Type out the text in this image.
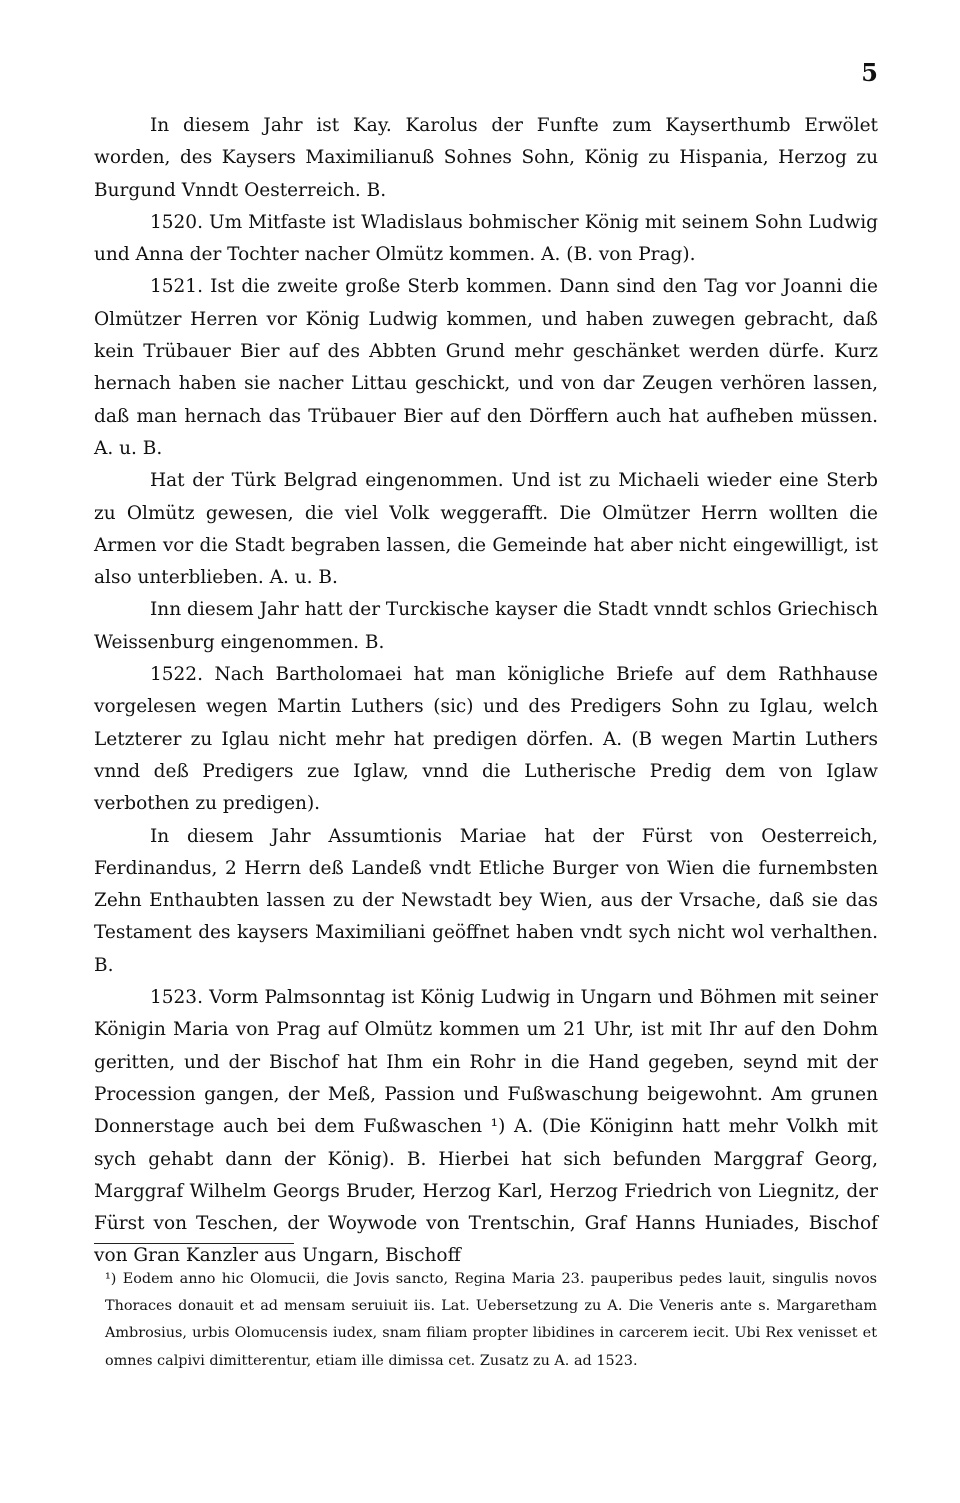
5

In diesem Jahr ist Kay. Karolus der Funfte zum Kayserthumb Erwölet worden, des Kaysers Maximilianuß Sohnes Sohn, König zu Hispania, Herzog zu Burgund Vnndt Oesterreich. B.

1520. Um Mitfaste ist Wladislaus bohmischer König mit seinem Sohn Ludwig und Anna der Tochter nacher Olmütz kommen. A. (B. von Prag).

1521. Ist die zweite große Sterb kommen. Dann sind den Tag vor Joanni die Olmützer Herren vor König Ludwig kommen, und haben zuwegen gebracht, daß kein Trübauer Bier auf des Abbten Grund mehr geschänket werden dürfe. Kurz hernach haben sie nacher Littau geschickt, und von dar Zeugen verhören lassen, daß man hernach das Trübauer Bier auf den Dörffern auch hat aufheben müssen. A. u. B.

Hat der Türk Belgrad eingenommen. Und ist zu Michaeli wieder eine Sterb zu Olmütz gewesen, die viel Volk weggerafft. Die Olmützer Herrn wollten die Armen vor die Stadt begraben lassen, die Gemeinde hat aber nicht eingewilligt, ist also unterblieben. A. u. B.

Inn diesem Jahr hatt der Turckische kayser die Stadt vnndt schlos Griechisch Weissenburg eingenommen. B.

1522. Nach Bartholomaei hat man königliche Briefe auf dem Rathhause vorgelesen wegen Martin Luthers (sic) und des Predigers Sohn zu Iglau, welch Letzterer zu Iglau nicht mehr hat predigen dörfen. A. (B wegen Martin Luthers vnnd deß Predigers zue Iglaw, vnnd die Lutherische Predig dem von Iglaw verbothen zu predigen).

In diesem Jahr Assumtionis Mariae hat der Fürst von Oesterreich, Ferdinandus, 2 Herrn deß Landeß vndt Etliche Burger von Wien die furnembsten Zehn Enthaubten lassen zu der Newstadt bey Wien, aus der Vrsache, daß sie das Testament des kaysers Maximiliani geöffnet haben vndt sych nicht wol verhalthen. B.

1523. Vorm Palmsonntag ist König Ludwig in Ungarn und Böhmen mit seiner Königin Maria von Prag auf Olmütz kommen um 21 Uhr, ist mit Ihr auf den Dohm geritten, und der Bischof hat Ihm ein Rohr in die Hand gegeben, seynd mit der Procession gangen, der Meß, Passion und Fußwaschung beigewohnt. Am grunen Donnerstage auch bei dem Fußwaschen ¹) A. (Die Königinn hatt mehr Volkh mit sych gehabt dann der König). B. Hierbei hat sich befunden Marggraf Georg, Marggraf Wilhelm Georgs Bruder, Herzog Karl, Herzog Friedrich von Liegnitz, der Fürst von Teschen, der Woywode von Trentschin, Graf Hanns Huniades, Bischof von Gran Kanzler aus Ungarn, Bischoff

¹) Eodem anno hic Olomucii, die Jovis sancto, Regina Maria 23. pauperibus pedes lauit, singulis novos Thoraces donauit et ad mensam seruiuit iis. Lat. Uebersetzung zu A. Die Veneris ante s. Margaretham Ambrosius, urbis Olomucensis iudex, snam filiam propter libidines in carcerem iecit. Ubi Rex venisset et omnes calpivi dimitterentur, etiam ille dimissa cet. Zusatz zu A. ad 1523.
